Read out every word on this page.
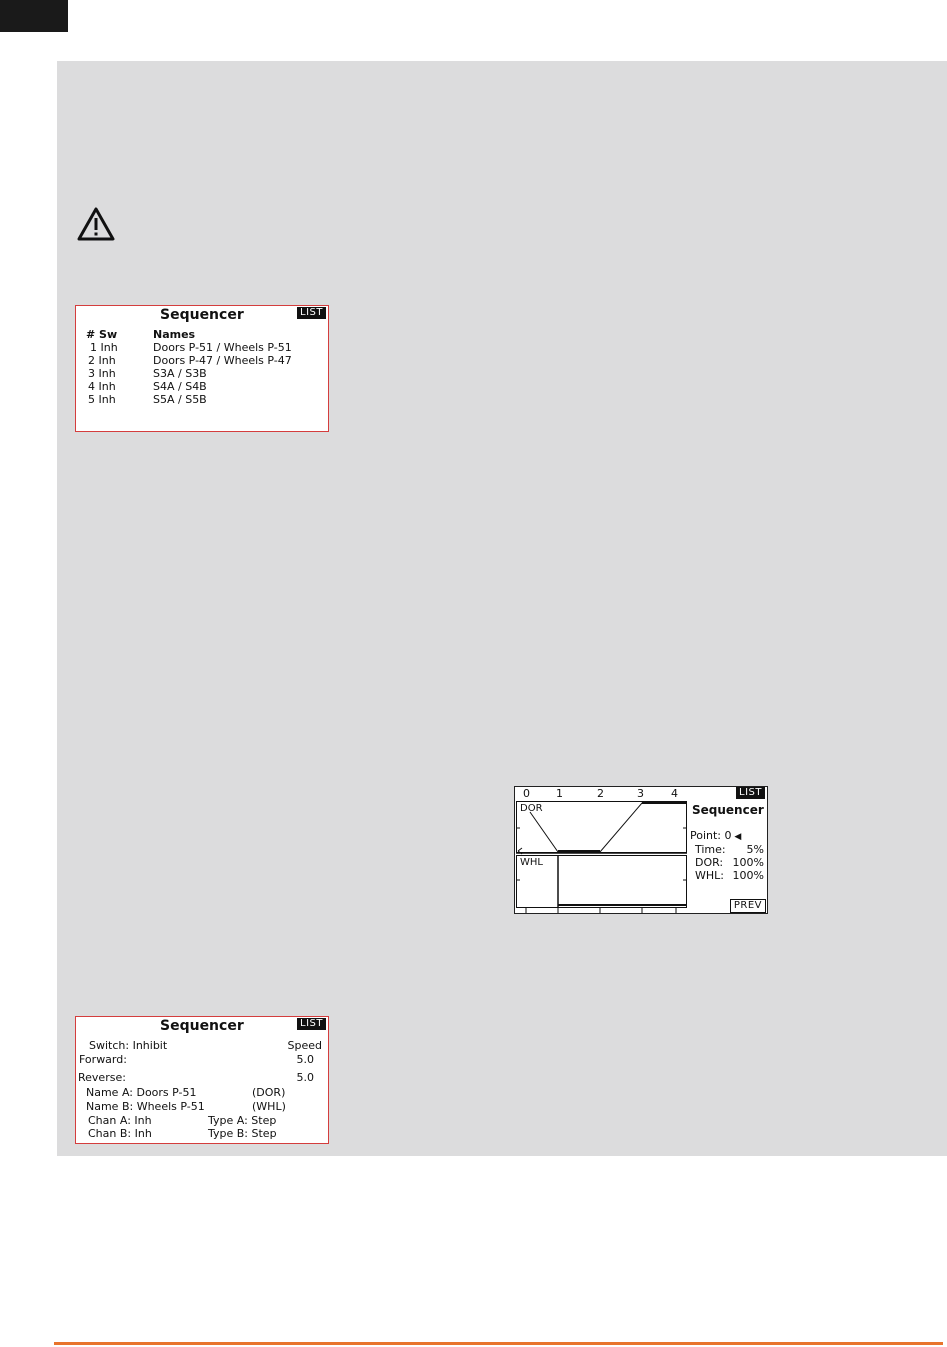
Sequencer	LIST
# Sw	Names
1 Inh	Doors P-51 / Wheels P-51
2 Inh	Doors P-47 / Wheels P-47
3 Inh	S3A / S3B
4 Inh	S4A / S4B
5 Inh	S5A / S5B
0 1	2	3 4	LIST
DOR
WHL
Sequencer
Point: 0 ◀
Time: 5%
DOR: 100%
WHL: 100%
PREV
Sequencer	LIST
Switch: Inhibit	Speed
Forward:	5.0
Reverse:	5.0
Name A: Doors P-51	(DOR)
Name B: Wheels P-51	(WHL)
Chan A: Inh	Type A: Step
Chan B: Inh	Type B: Step
